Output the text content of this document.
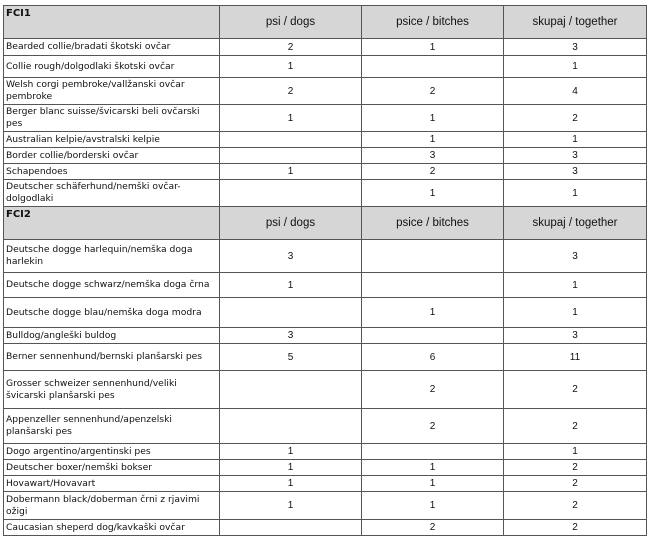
FCI1	psi / dogs	psice / bitches	skupaj / together
Bearded collie/bradati škotski ovčar	2	1	3
Collie rough/dolgodlaki škotski ovčar	1		1
Welsh corgi pembroke/vallžanski ovčar pembroke	2	2	4
Berger blanc suisse/švicarski beli ovčarski pes	1	1	2
Australian kelpie/avstralski kelpie		1	1
Border collie/borderski ovčar		3	3
Schapendoes	1	2	3
Deutscher schäferhund/nemški ovčar-dolgodlaki		1	1
FCI2	psi / dogs	psice / bitches	skupaj / together
Deutsche dogge harlequin/nemška doga harlekin	3		3
Deutsche dogge schwarz/nemška doga črna	1		1
Deutsche dogge blau/nemška doga modra		1	1
Bulldog/angleški buldog	3		3
Berner sennenhund/bernski planšarski pes	5	6	11
Grosser schweizer sennenhund/veliki švicarski planšarski pes		2	2
Appenzeller sennenhund/apenzelski planšarski pes		2	2
Dogo argentino/argentinski pes	1		1
Deutscher boxer/nemški bokser	1	1	2
Hovawart/Hovavart	1	1	2
Dobermann black/doberman črni z rjavimi ožigi	1	1	2
Caucasian sheperd dog/kavkaški ovčar		2	2
